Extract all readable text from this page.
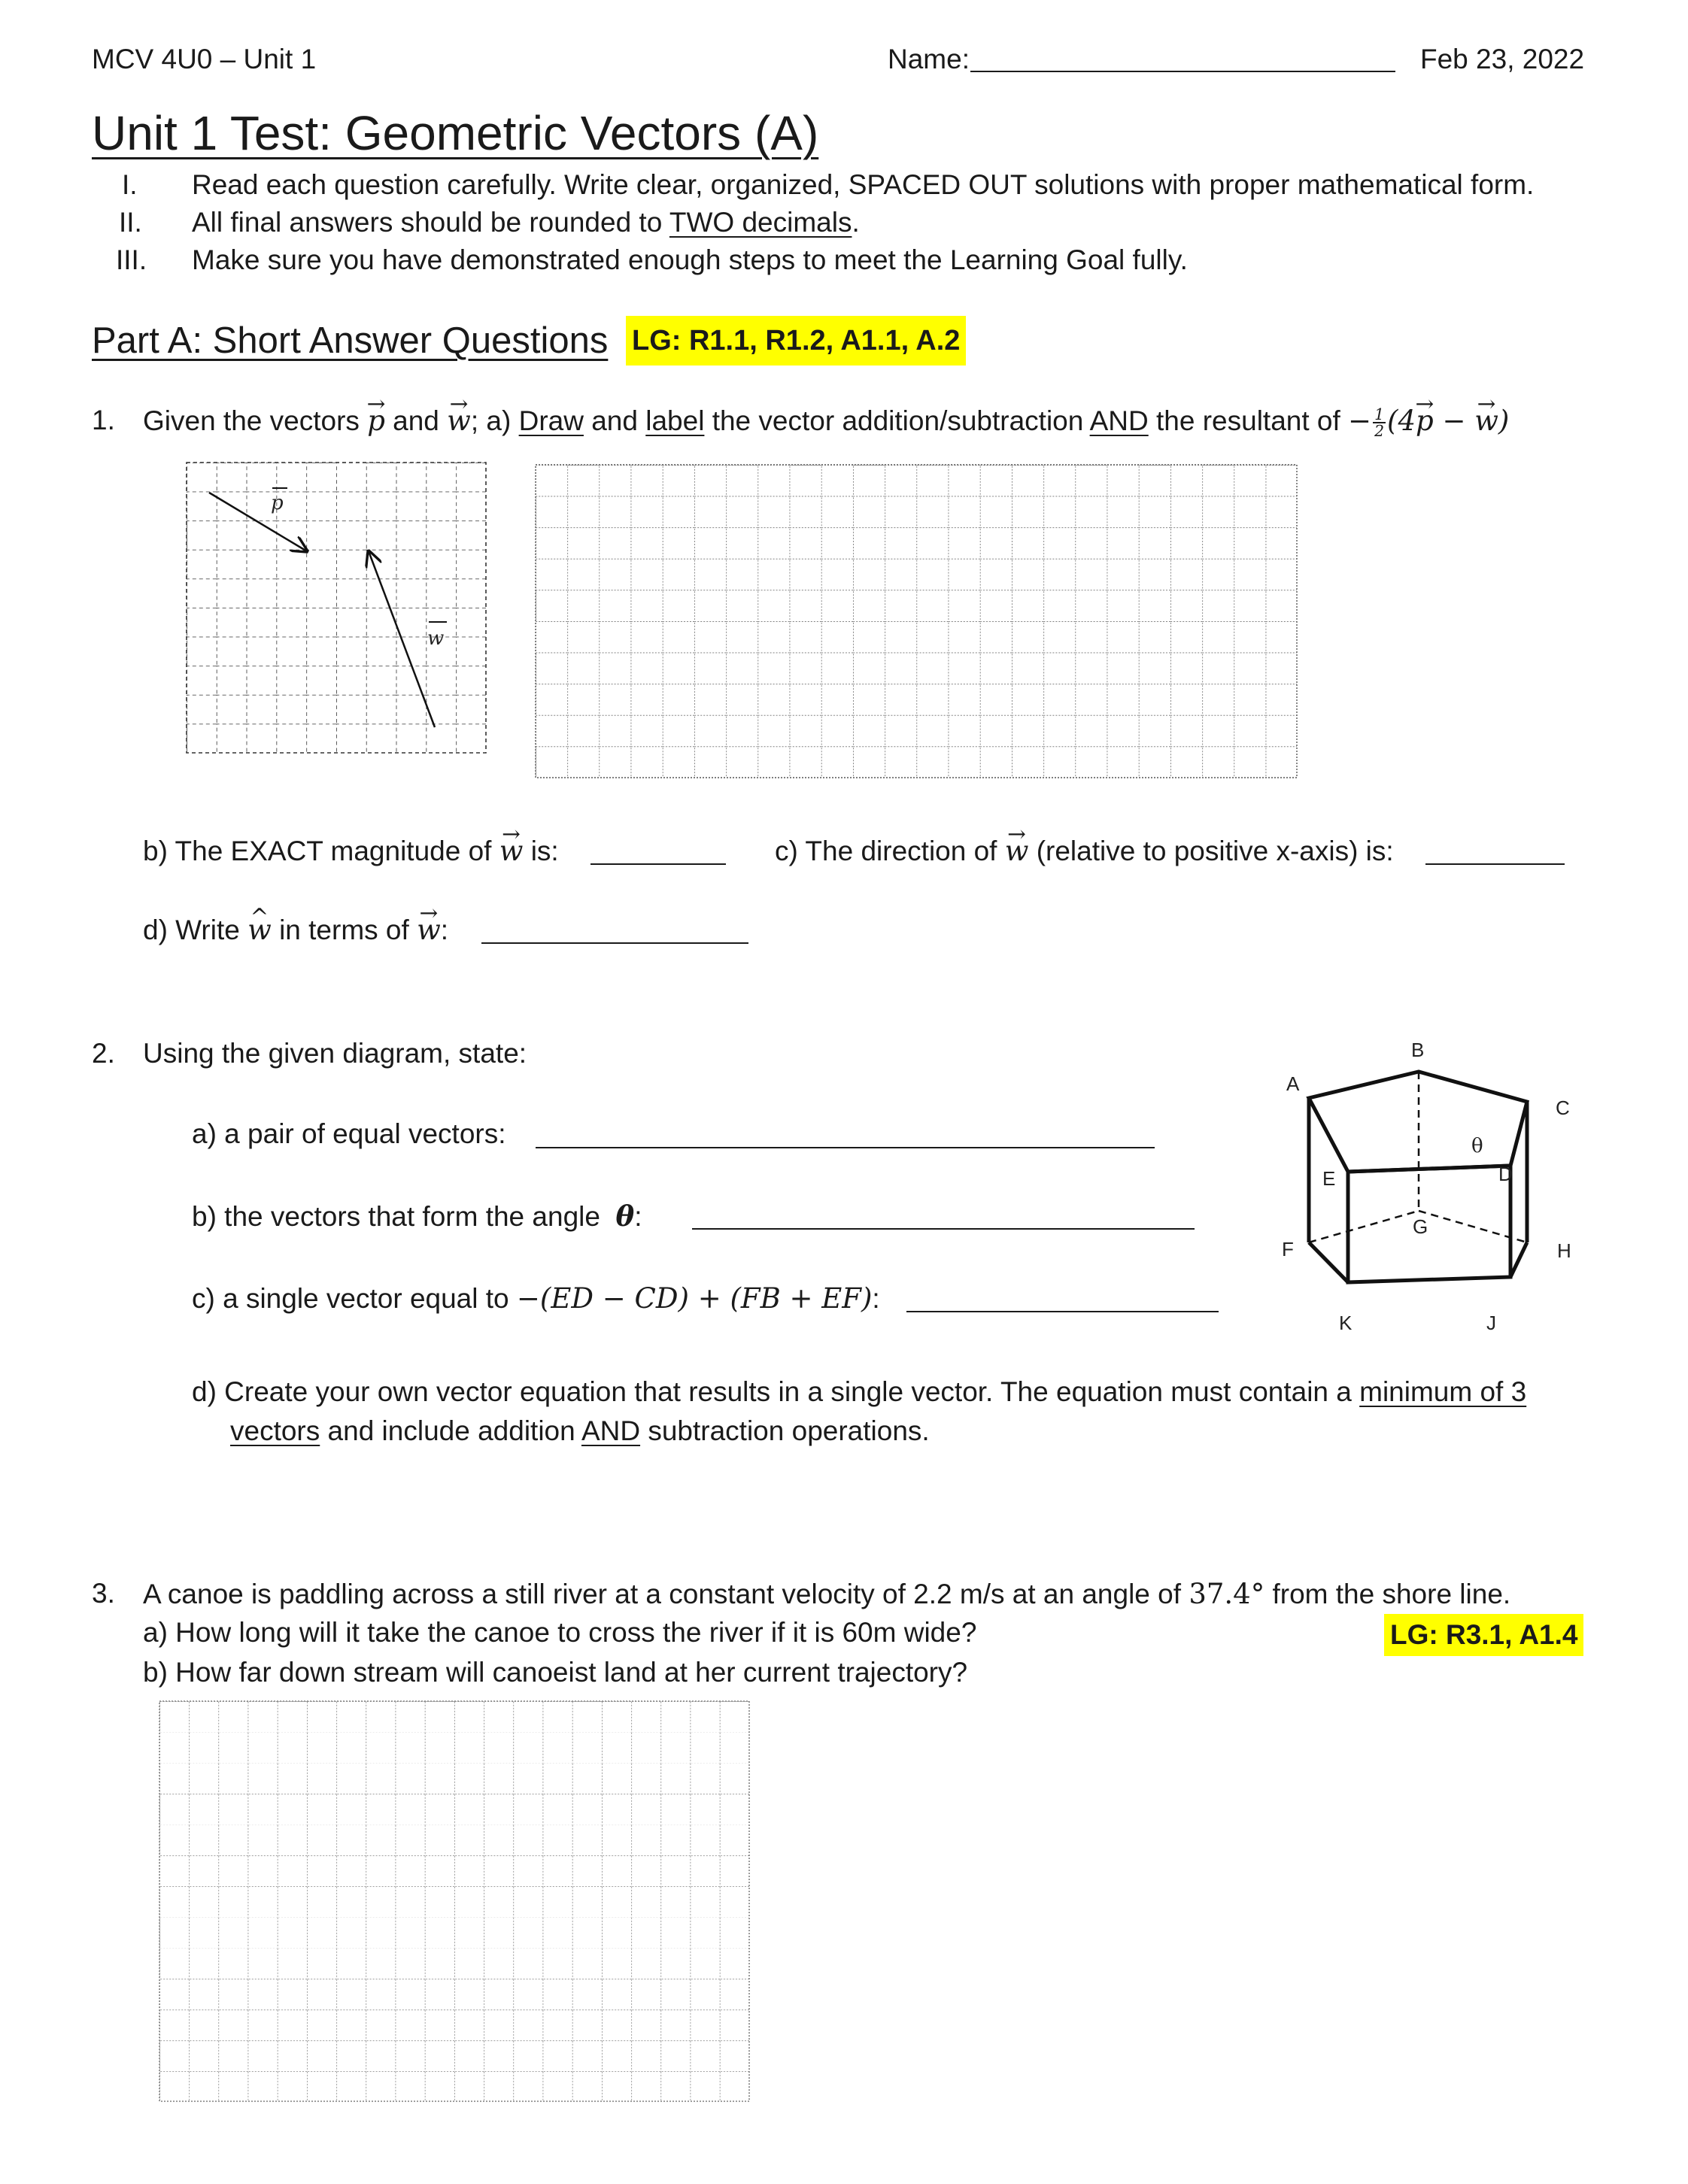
MCV 4U0 – Unit 1	Name:	Feb 23, 2022
Unit 1 Test: Geometric Vectors (A)
I. Read each question carefully. Write clear, organized, SPACED OUT solutions with proper mathematical form.
II. All final answers should be rounded to TWO decimals.
III. Make sure you have demonstrated enough steps to meet the Learning Goal fully.
Part A: Short Answer Questions LG: R1.1, R1.2, A1.1, A.2
1. Given the vectors → p and → w; a) Draw and label the vector addition/subtraction AND the resultant of − $\frac{1}{2} (4\to p$ − → w)
p
w
b) The EXACT magnitude of → w is:	c) The direction of → w (relative to positive x-axis) is:
d) Write ^ w in terms of → w:
2. Using the given diagram, state:
a) a pair of equal vectors:
b) the vectors that form the angle θ:
c) a single vector equal to −(ED − CD) + (FB + EF):
A
B
C
D
E
F
G
H
J
K
θ
d) Create your own vector equation that results in a single vector. The equation must contain a minimum of 3
vectors and include addition AND subtraction operations.
3. A canoe is paddling across a still river at a constant velocity of 2.2 m/s at an angle of 37.4° from the shore line.
a) How long will it take the canoe to cross the river if it is 60m wide?	LG: R3.1, A1.4
b) How far down stream will canoeist land at her current trajectory?
